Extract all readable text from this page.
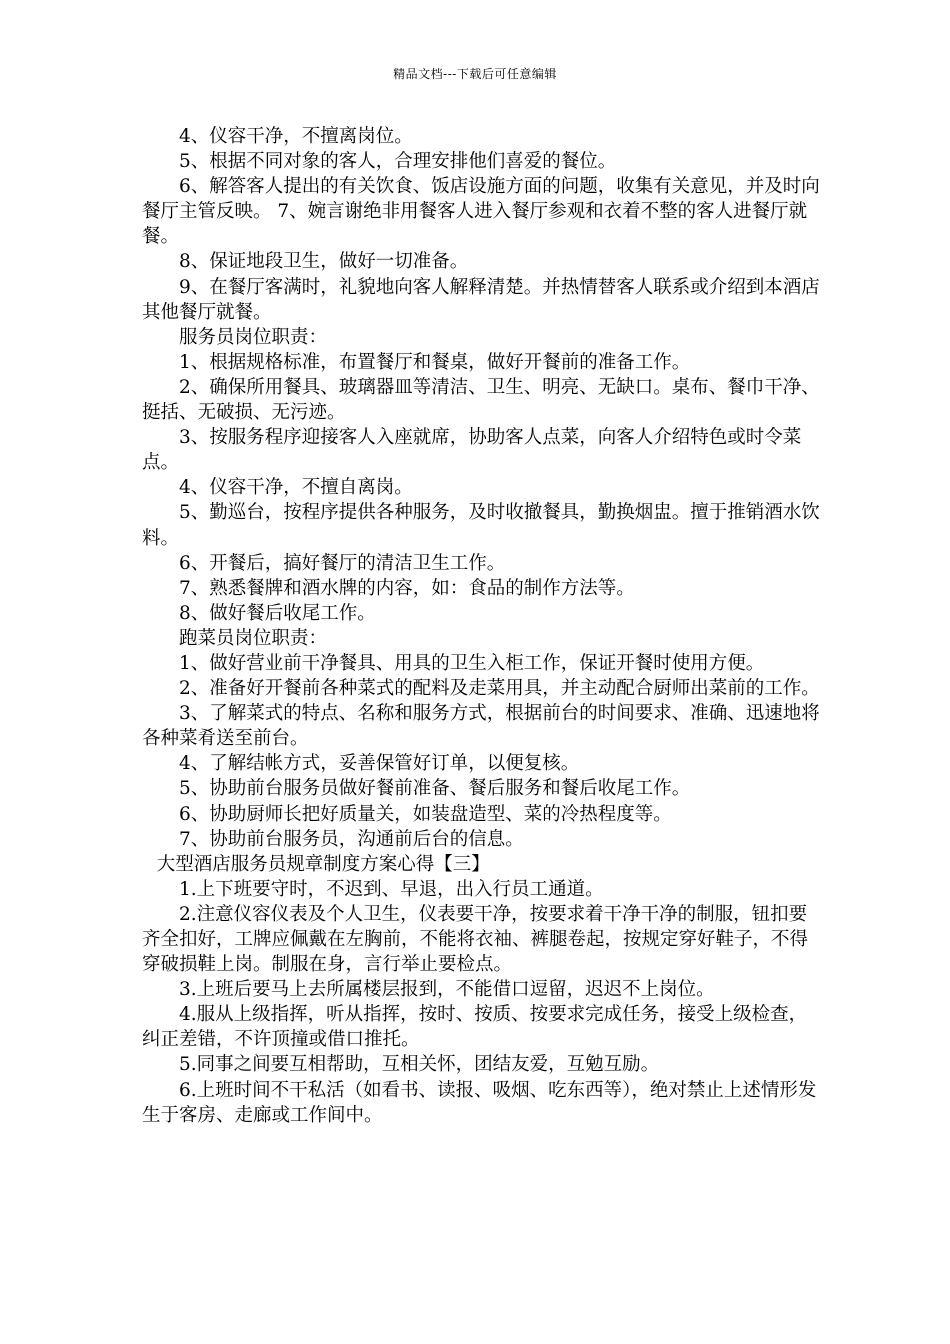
精品文档---下载后可任意编辑

4、仪容干净，不擅离岗位。

5、根据不同对象的客人，合理安排他们喜爱的餐位。

6、解答客人提出的有关饮食、饭店设施方面的问题，收集有关意见，并及时向餐厅主管反映。 7、婉言谢绝非用餐客人进入餐厅参观和衣着不整的客人进餐厅就餐。

8、保证地段卫生，做好一切准备。

9、在餐厅客满时，礼貌地向客人解释清楚。并热情替客人联系或介绍到本酒店其他餐厅就餐。

服务员岗位职责：

1、根据规格标准，布置餐厅和餐桌，做好开餐前的准备工作。

2、确保所用餐具、玻璃器皿等清洁、卫生、明亮、无缺口。桌布、餐巾干净、挺括、无破损、无污迹。

3、按服务程序迎接客人入座就席，协助客人点菜，向客人介绍特色或时令菜点。

4、仪容干净，不擅自离岗。

5、勤巡台，按程序提供各种服务，及时收撤餐具，勤换烟盅。擅于推销酒水饮料。

6、开餐后，搞好餐厅的清洁卫生工作。

7、熟悉餐牌和酒水牌的内容，如：食品的制作方法等。

8、做好餐后收尾工作。

跑菜员岗位职责：

1、做好营业前干净餐具、用具的卫生入柜工作，保证开餐时使用方便。

2、准备好开餐前各种菜式的配料及走菜用具，并主动配合厨师出菜前的工作。

3、了解菜式的特点、名称和服务方式，根据前台的时间要求、准确、迅速地将各种菜肴送至前台。

4、了解结帐方式，妥善保管好订单，以便复核。

5、协助前台服务员做好餐前准备、餐后服务和餐后收尾工作。

6、协助厨师长把好质量关，如装盘造型、菜的冷热程度等。

7、协助前台服务员，沟通前后台的信息。

大型酒店服务员规章制度方案心得【三】

1.上下班要守时，不迟到、早退，出入行员工通道。

2.注意仪容仪表及个人卫生，仪表要干净，按要求着干净干净的制服，钮扣要齐全扣好，工牌应佩戴在左胸前，不能将衣袖、裤腿卷起，按规定穿好鞋子，不得穿破损鞋上岗。制服在身，言行举止要检点。

3.上班后要马上去所属楼层报到，不能借口逗留，迟迟不上岗位。

4.服从上级指挥，听从指挥，按时、按质、按要求完成任务，接受上级检查，纠正差错，不许顶撞或借口推托。

5.同事之间要互相帮助，互相关怀，团结友爱，互勉互励。

6.上班时间不干私活（如看书、读报、吸烟、吃东西等），绝对禁止上述情形发生于客房、走廊或工作间中。
